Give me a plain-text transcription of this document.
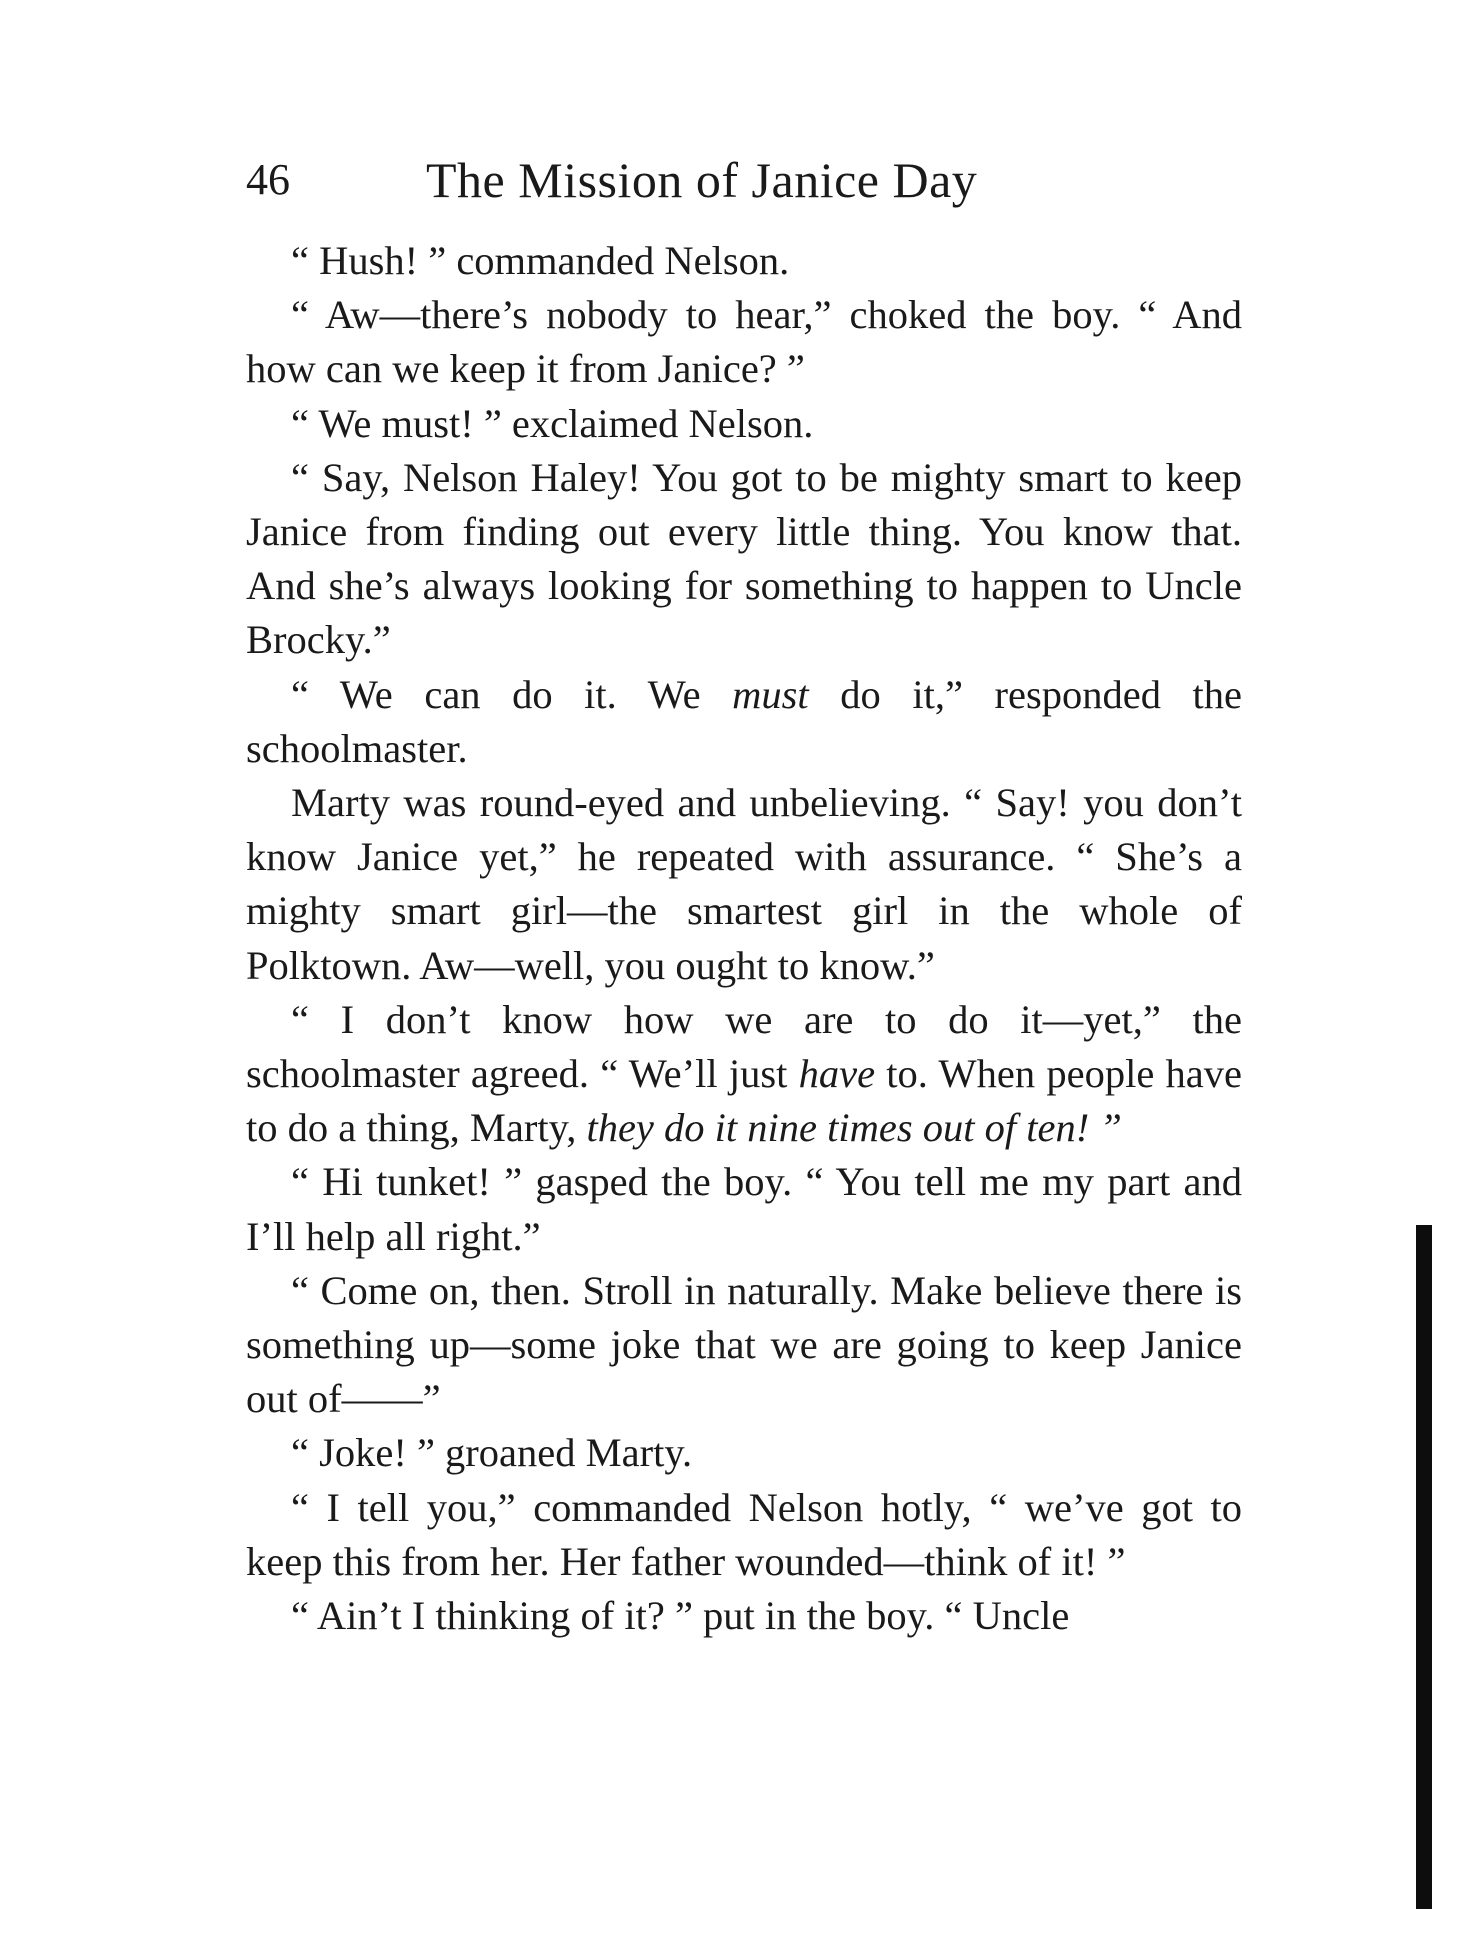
46	The Mission of Janice Day

“ Hush! ” commanded Nelson.

“ Aw—there’s nobody to hear,” choked the boy. “ And how can we keep it from Janice? ”

“ We must! ” exclaimed Nelson.

“ Say, Nelson Haley! You got to be mighty smart to keep Janice from finding out every little thing. You know that. And she’s always looking for something to happen to Uncle Brocky.”

“ We can do it. We must do it,” responded the schoolmaster.

Marty was round-eyed and unbelieving. “ Say! you don’t know Janice yet,” he repeated with assurance. “ She’s a mighty smart girl—the smartest girl in the whole of Polktown. Aw—well, you ought to know.”

“ I don’t know how we are to do it—yet,” the schoolmaster agreed. “ We’ll just have to. When people have to do a thing, Marty, they do it nine times out of ten! ”

“ Hi tunket! ” gasped the boy. “ You tell me my part and I’ll help all right.”

“ Come on, then. Stroll in naturally. Make believe there is something up—some joke that we are going to keep Janice out of——”

“ Joke! ” groaned Marty.

“ I tell you,” commanded Nelson hotly, “ we’ve got to keep this from her. Her father wounded—think of it! ”

“ Ain’t I thinking of it? ” put in the boy. “ Uncle
